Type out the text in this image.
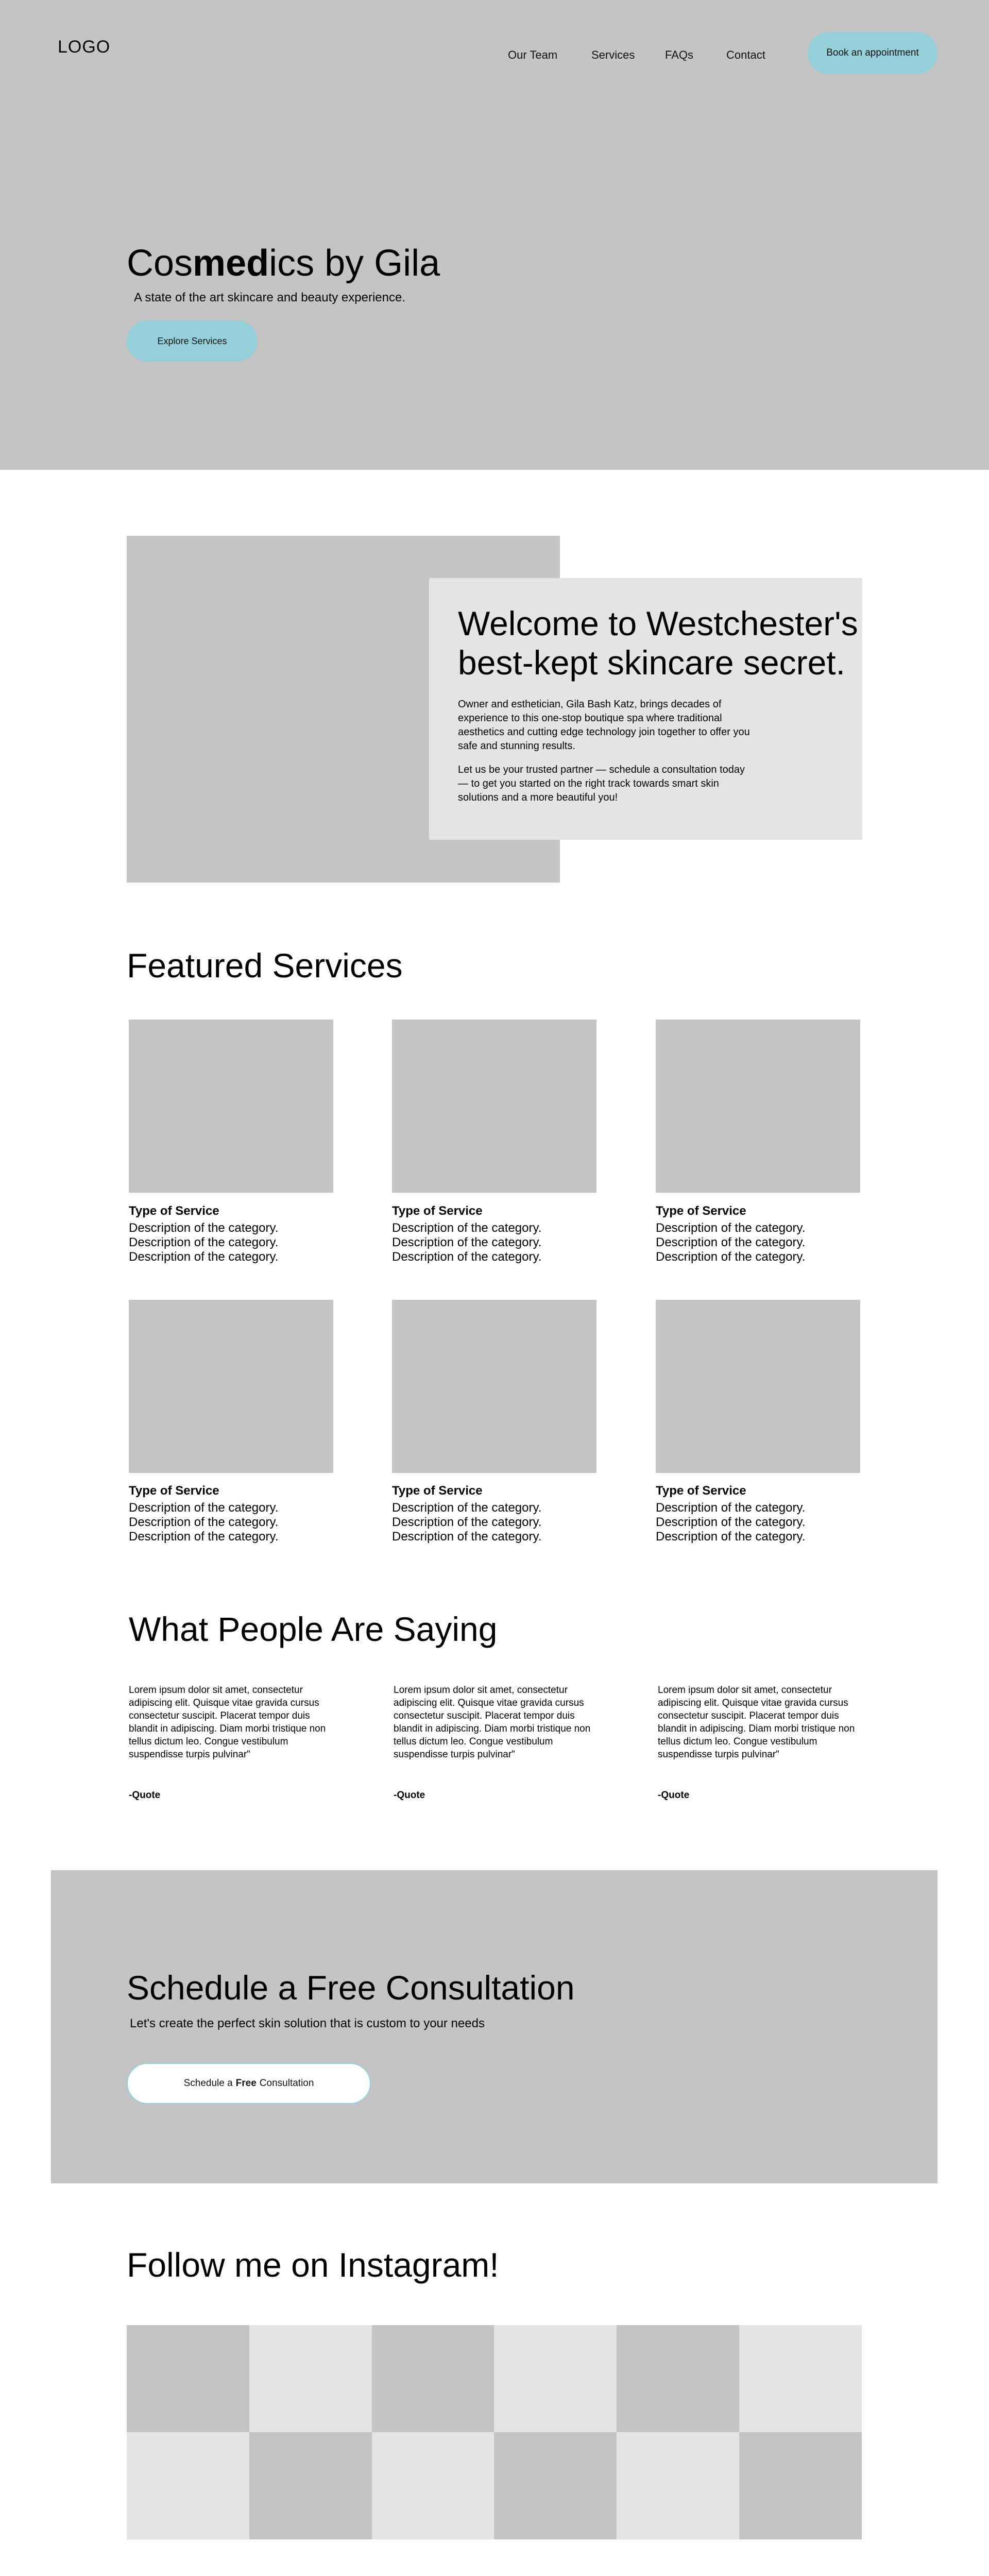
LOGO	Our Team	Services	FAQs	Contact	Book an appointment
Cosmedics by Gila
A state of the art skincare and beauty experience.
Explore Services
Welcome to Westchester's best-kept skincare secret.

Owner and esthetician, Gila Bash Katz, brings decades of experience to this one-stop boutique spa where traditional aesthetics and cutting edge technology join together to offer you safe and stunning results.

Let us be your trusted partner — schedule a consultation today — to get you started on the right track towards smart skin solutions and a more beautiful you!

Featured Services
Type of Service
Description of the category.
Description of the category.
Description of the category.
Type of Service
Description of the category.
Description of the category.
Description of the category.
Type of Service
Description of the category.
Description of the category.
Description of the category.
Type of Service
Description of the category.
Description of the category.
Description of the category.
Type of Service
Description of the category.
Description of the category.
Description of the category.
Type of Service
Description of the category.
Description of the category.
Description of the category.
What People Are Saying

Lorem ipsum dolor sit amet, consectetur adipiscing elit. Quisque vitae gravida cursus consectetur suscipit. Placerat tempor duis blandit in adipiscing. Diam morbi tristique non tellus dictum leo. Congue vestibulum suspendisse turpis pulvinar"

-Quote

Lorem ipsum dolor sit amet, consectetur adipiscing elit. Quisque vitae gravida cursus consectetur suscipit. Placerat tempor duis blandit in adipiscing. Diam morbi tristique non tellus dictum leo. Congue vestibulum suspendisse turpis pulvinar"

-Quote

Lorem ipsum dolor sit amet, consectetur adipiscing elit. Quisque vitae gravida cursus consectetur suscipit. Placerat tempor duis blandit in adipiscing. Diam morbi tristique non tellus dictum leo. Congue vestibulum suspendisse turpis pulvinar"

-Quote
Schedule a Free Consultation
Let's create the perfect skin solution that is custom to your needs
Schedule a Free Consultation
Follow me on Instagram!
